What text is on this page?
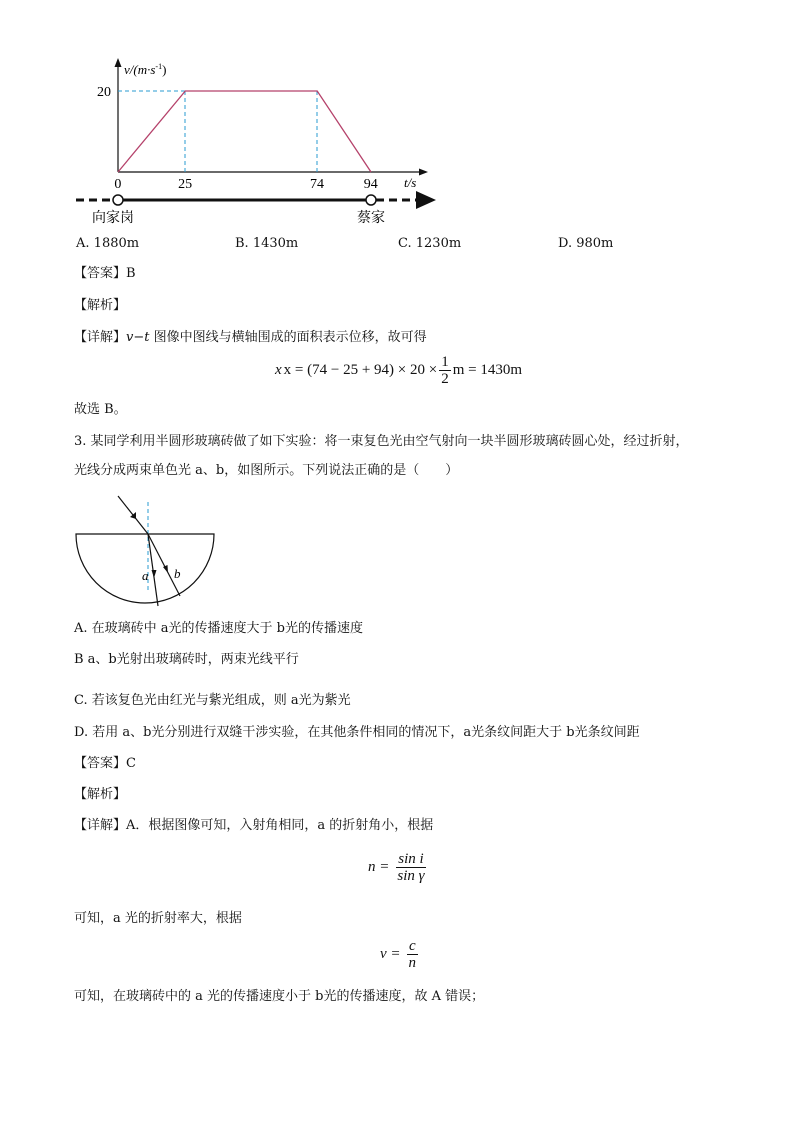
$v/(m\cdot s^{-1})$
20
0	25	74	94 t/s
向家岗	蔡家
A. 1880m	B. 1430m	C. 1230m	D. 980m
【答案】B
【解析】
【详解】v−t 图像中图线与横轴围成的面积表示位移，故可得
x $x = (74 - 25 + 94) \times 20 \times \frac{1}{2}$ m = 1430m
故选 B。
3. 某同学利用半圆形玻璃砖做了如下实验：将一束复色光由空气射向一块半圆形玻璃砖圆心处，经过折射，
光线分成两束单色光 a、b，如图所示。下列说法正确的是（　　）
a b
A. 在玻璃砖中 a光的传播速度大于 b光的传播速度
B a、b光射出玻璃砖时，两束光线平行
C. 若该复色光由红光与紫光组成，则 a光为紫光
D. 若用 a、b光分别进行双缝干涉实验，在其他条件相同的情况下，a光条纹间距大于 b光条纹间距
【答案】C
【解析】
【详解】A．根据图像可知，入射角相同，a 的折射角小，根据
$n = \frac{\text{sin i}}{\text{sin γ}}$
可知，a 光的折射率大，根据
$v = \frac{c}{n}$
可知，在玻璃砖中的 a 光的传播速度小于 b光的传播速度，故 A 错误；
